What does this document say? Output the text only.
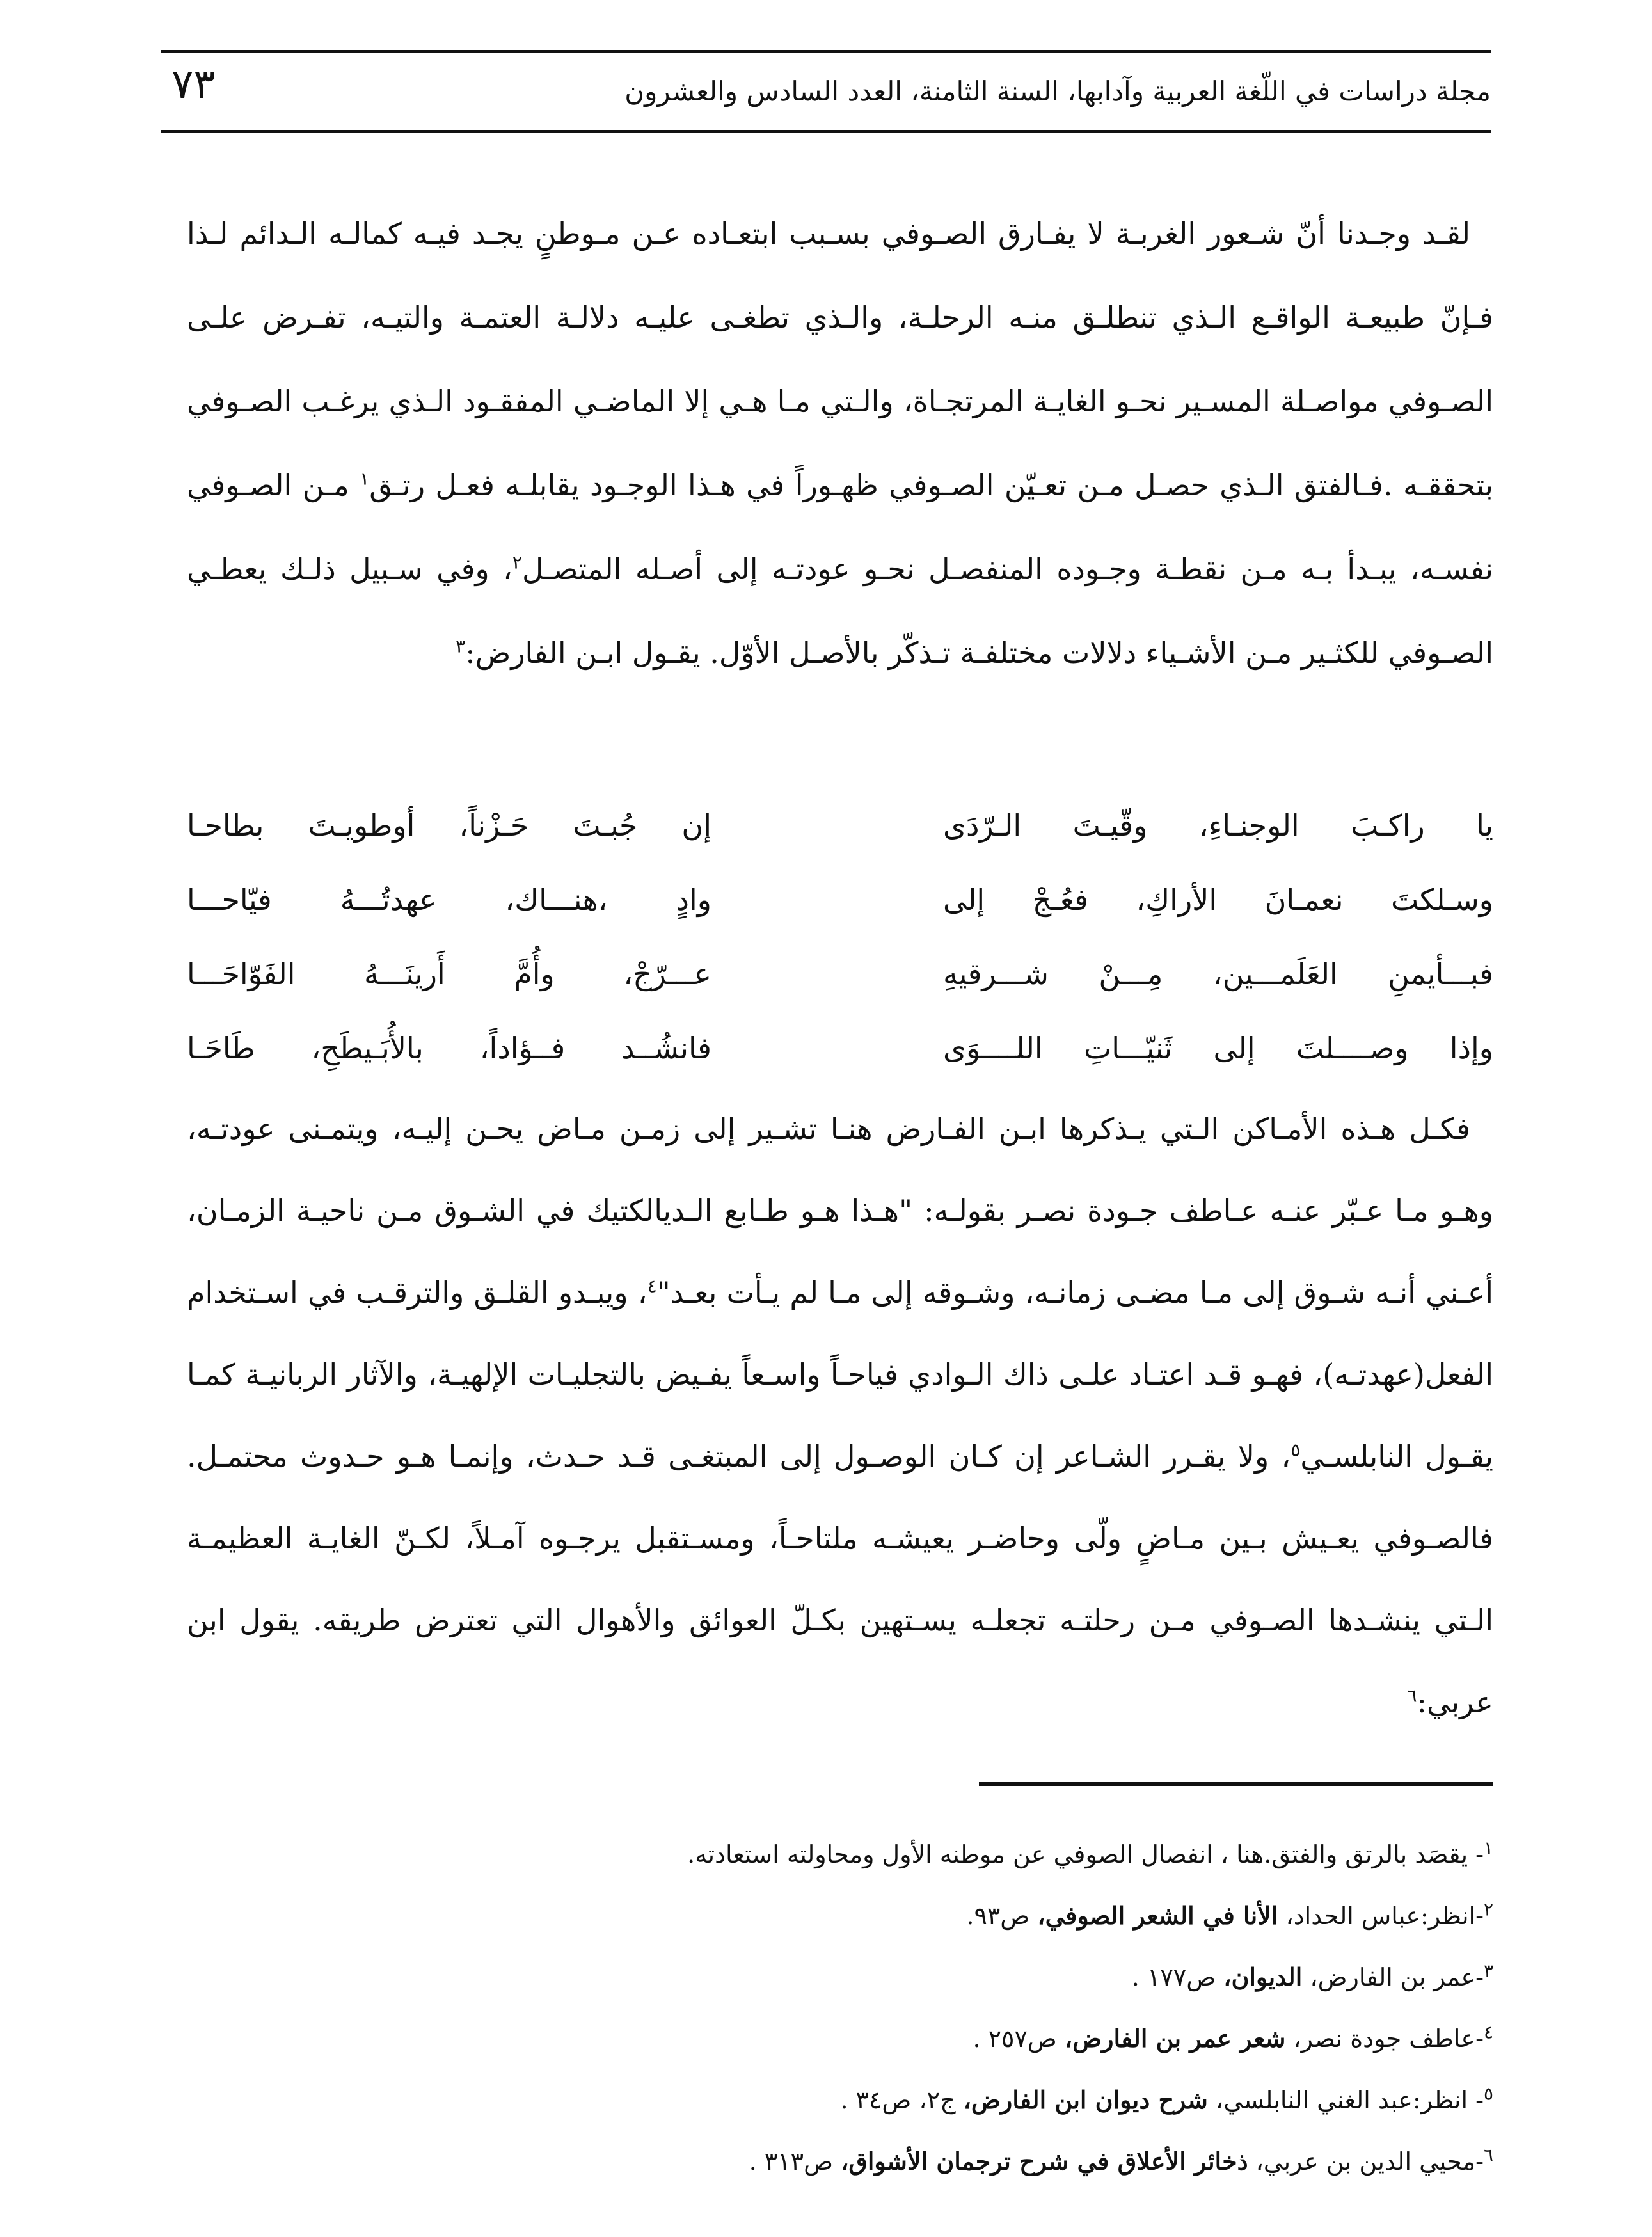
مجلة دراسات في اللّغة العربية وآدابها، السنة الثامنة، العدد السادس والعشرون
٧٣

لقـد وجـدنا أنّ شـعور الغربـة لا يفـارق الصـوفي بسـبب ابتعـاده عـن مـوطنٍ يجـد فيـه كمالـه الـدائم لـذا فـإنّ طبيعـة الواقـع الـذي تنطلـق منـه الرحلـة، والـذي تطغـى عليـه دلالـة العتمـة والتيـه، تفـرض علـى الصـوفي مواصـلة المسـير نحـو الغايـة المرتجـاة، والـتي مـا هـي إلا الماضـي المفقـود الـذي يرغـب الصـوفي بتحققـه .فـالفتق الـذي حصـل مـن تعـيّن الصـوفي ظهـوراً في هـذا الوجـود يقابلـه فعـل رتـق$^١$ مـن الصـوفي نفسـه، يبـدأ بـه مـن نقطـة وجـوده المنفصـل نحـو عودتـه إلى أصـله المتصـل$^٢$، وفي سـبيل ذلـك يعطـي الصـوفي للكثـير مـن الأشـياء دلالات مختلفـة تـذكّر بالأصـل الأوّل. يقـول ابـن الفارض:$^٣$

يا راكـبَ الوجنـاءِ، وقّيـتَ الـرّدَى
إن جُبـتَ حَـزْناً، أوطويـتَ بطاحـا
وسـلكتَ نعمـانَ الأراكِ، فعُـجْ إلى
وادٍ ،هنـــاك، عهدتُـــهُ فيّاحـــا
فبـــأيمنِ العَلَمـــين، مِـــنْ شـــرقيهِ
عـــرّجْ، وأُمَّ أَرينَـــهُ الفَوّاحَـــا
وإذا وصــــلتَ إلى ثَنيّـــاتِ اللــــوَى
فانشُــد فــؤاداً، بالأُبَـيطَحِ، طَاحَـا

فكـل هـذه الأمـاكن الـتي يـذكرها ابـن الفـارض هنـا تشـير إلى زمـن مـاض يحـن إليـه، ويتمـنى عودتـه، وهـو مـا عـبّر عنـه عـاطف جـودة نصـر بقولـه: "هـذا هـو طـابع الـديالكتيك في الشـوق مـن ناحيـة الزمـان، أعـني أنـه شـوق إلى مـا مضـى زمانـه، وشـوقه إلى مـا لم يـأت بعـد"$^٤$، ويبـدو القلـق والترقـب في اسـتخدام الفعل(عهدتـه)، فهـو قـد اعتـاد علـى ذاك الـوادي فياحـاً واسـعاً يفـيض بالتجليـات الإلهيـة، والآثار الربانيـة كمـا يقـول النابلسـي$^٥$، ولا يقـرر الشـاعر إن كـان الوصـول إلى المبتغـى قـد حـدث، وإنمـا هـو حـدوث محتمـل. فالصـوفي يعـيش بـين مـاضٍ ولّى وحاضـر يعيشـه ملتاحـاً، ومسـتقبل يرجـوه آمـلاً، لكـنّ الغايـة العظيمـة الـتي ينشـدها الصـوفي مـن رحلتـه تجعلـه يسـتهين بكـلّ العوائق والأهوال التي تعترض طريقه. يقول ابن عربي:$^٦$

$^١$- يقصَد بالرتق والفتق.هنا ، انفصال الصوفي عن موطنه الأول ومحاولته استعادته.
$^٢$-انظر:عباس الحداد، الأنا في الشعر الصوفي، ص٩٣.
$^٣$-عمر بن الفارض، الديوان، ص١٧٧ .
$^٤$-عاطف جودة نصر، شعر عمر بن الفارض، ص٢٥٧ .
$^٥$- انظر:عبد الغني النابلسي، شرح ديوان ابن الفارض، ج٢، ص٣٤ .
$^٦$-محيي الدين بن عربي، ذخائر الأعلاق في شرح ترجمان الأشواق، ص٣١٣ .
